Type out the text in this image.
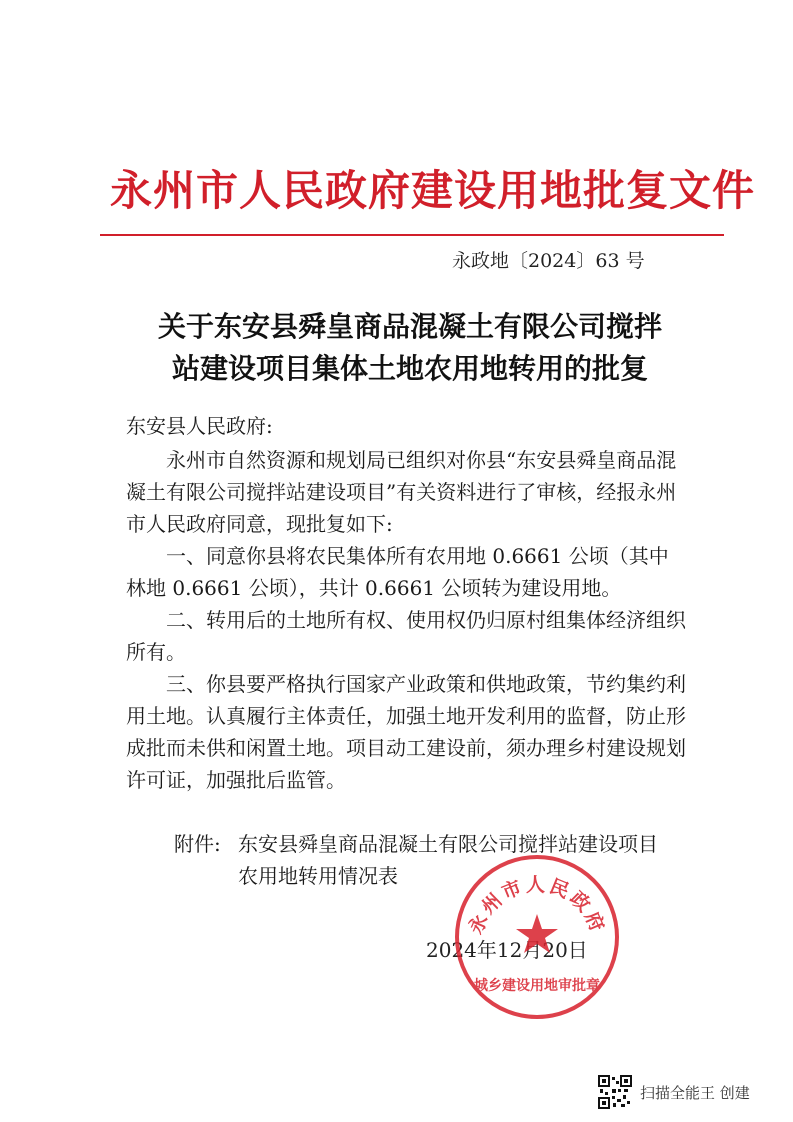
永州市人民政府建设用地批复文件
永政地〔2024〕63 号
关于东安县舜皇商品混凝土有限公司搅拌
站建设项目集体土地农用地转用的批复
东安县人民政府:
永州市自然资源和规划局已组织对你县“东安县舜皇商品混凝土有限公司搅拌站建设项目”有关资料进行了审核，经报永州市人民政府同意，现批复如下:
一、同意你县将农民集体所有农用地 0.6661 公顷（其中林地 0.6661 公顷），共计 0.6661 公顷转为建设用地。
二、转用后的土地所有权、使用权仍归原村组集体经济组织所有。
三、你县要严格执行国家产业政策和供地政策，节约集约利用土地。认真履行主体责任，加强土地开发利用的监督，防止形成批而未供和闲置土地。项目动工建设前，须办理乡村建设规划许可证，加强批后监管。
附件: 东安县舜皇商品混凝土有限公司搅拌站建设项目
农用地转用情况表
2024年12月20日
永州市人民政府
城乡建设用地审批章
扫描全能王 创建
